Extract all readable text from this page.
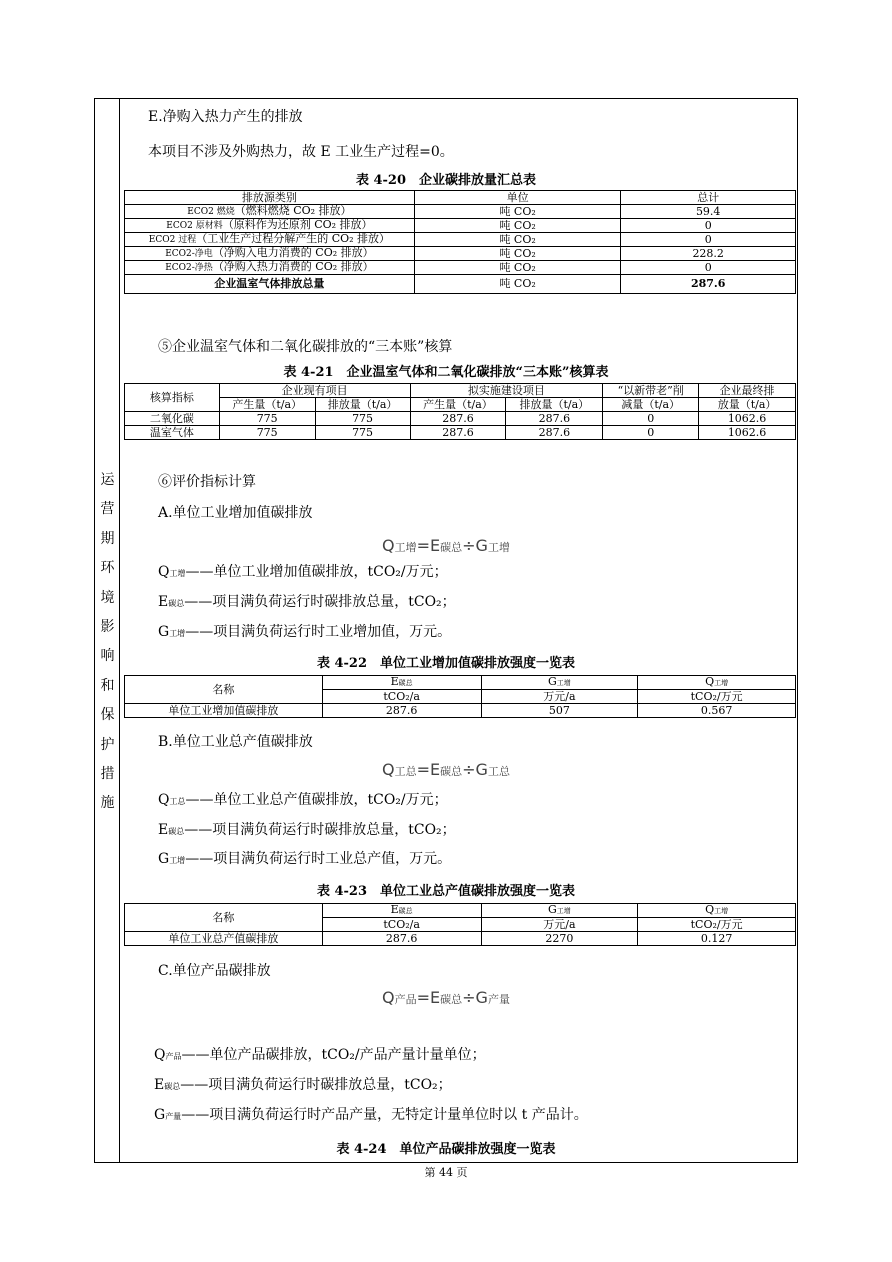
运
营
期
环
境
影
响
和
保
护
措
施
E.净购入热力产生的排放
本项目不涉及外购热力，故 E 工业生产过程=0。
表 4-20　企业碳排放量汇总表
排放源类别	单位	总计
ECO2 燃烧（燃料燃烧 CO₂ 排放）	吨 CO₂	59.4
ECO2 原材料（原料作为还原剂 CO₂ 排放）	吨 CO₂	0
ECO2 过程（工业生产过程分解产生的 CO₂ 排放）	吨 CO₂	0
ECO2-净电（净购入电力消费的 CO₂ 排放）	吨 CO₂	228.2
ECO2-净热（净购入热力消费的 CO₂ 排放）	吨 CO₂	0
企业温室气体排放总量	吨 CO₂	287.6
⑤企业温室气体和二氧化碳排放的“三本账”核算
表 4-21　企业温室气体和二氧化碳排放“三本账”核算表
核算指标	企业现有项目		拟实施建设项目		“以新带老”削	企业最终排
	产生量（t/a）	排放量（t/a）	产生量（t/a）	排放量（t/a）	减量（t/a）	放量（t/a）
二氧化碳	775	775	287.6	287.6	0	1062.6
温室气体	775	775	287.6	287.6	0	1062.6
⑥评价指标计算
A.单位工业增加值碳排放
Q工增=E碳总÷G工增
Q工增——单位工业增加值碳排放，tCO₂/万元；
E碳总——项目满负荷运行时碳排放总量，tCO₂；
G工增——项目满负荷运行时工业增加值，万元。
表 4-22　单位工业增加值碳排放强度一览表
名称	E碳总	G工增	Q工增
	tCO₂/a	万元/a	tCO₂/万元
单位工业增加值碳排放	287.6	507	0.567
B.单位工业总产值碳排放
Q工总=E碳总÷G工总
Q工总——单位工业总产值碳排放，tCO₂/万元；
E碳总——项目满负荷运行时碳排放总量，tCO₂；
G工增——项目满负荷运行时工业总产值，万元。
表 4-23　单位工业总产值碳排放强度一览表
名称	E碳总	G工增	Q工增
	tCO₂/a	万元/a	tCO₂/万元
单位工业总产值碳排放	287.6	2270	0.127
C.单位产品碳排放
Q产品=E碳总÷G产量
Q产品——单位产品碳排放，tCO₂/产品产量计量单位；
E碳总——项目满负荷运行时碳排放总量，tCO₂；
G产量——项目满负荷运行时产品产量，无特定计量单位时以 t 产品计。
表 4-24　单位产品碳排放强度一览表
第 44 页
